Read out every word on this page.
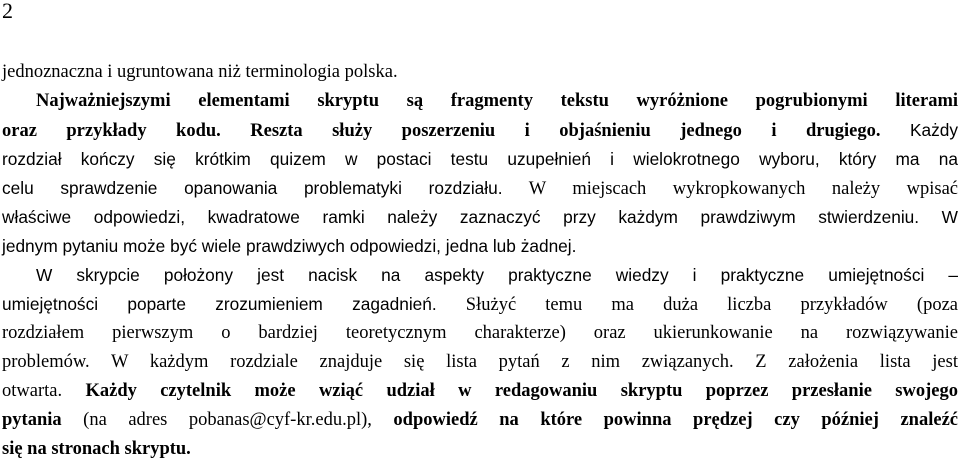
2
jednoznaczna i ugruntowana niż terminologia polska.
Najważniejszymi elementami skryptu są fragmenty tekstu wyróżnione pogrubionymi literami
oraz przykłady kodu. Reszta służy poszerzeniu i objaśnieniu jednego i drugiego. Każdy
rozdział kończy się krótkim quizem w postaci testu uzupełnień i wielokrotnego wyboru, który ma na
celu sprawdzenie opanowania problematyki rozdziału. W miejscach wykropkowanych należy wpisać
właściwe odpowiedzi, kwadratowe ramki należy zaznaczyć przy każdym prawdziwym stwierdzeniu. W
jednym pytaniu może być wiele prawdziwych odpowiedzi, jedna lub żadnej.
W skrypcie położony jest nacisk na aspekty praktyczne wiedzy i praktyczne umiejętności –
umiejętności poparte zrozumieniem zagadnień. Służyć temu ma duża liczba przykładów (poza
rozdziałem pierwszym o bardziej teoretycznym charakterze) oraz ukierunkowanie na rozwiązywanie
problemów. W każdym rozdziale znajduje się lista pytań z nim związanych. Z założenia lista jest
otwarta. Każdy czytelnik może wziąć udział w redagowaniu skryptu poprzez przesłanie swojego
pytania (na adres pobanas@cyf-kr.edu.pl), odpowiedź na które powinna prędzej czy później znaleźć
się na stronach skryptu.
